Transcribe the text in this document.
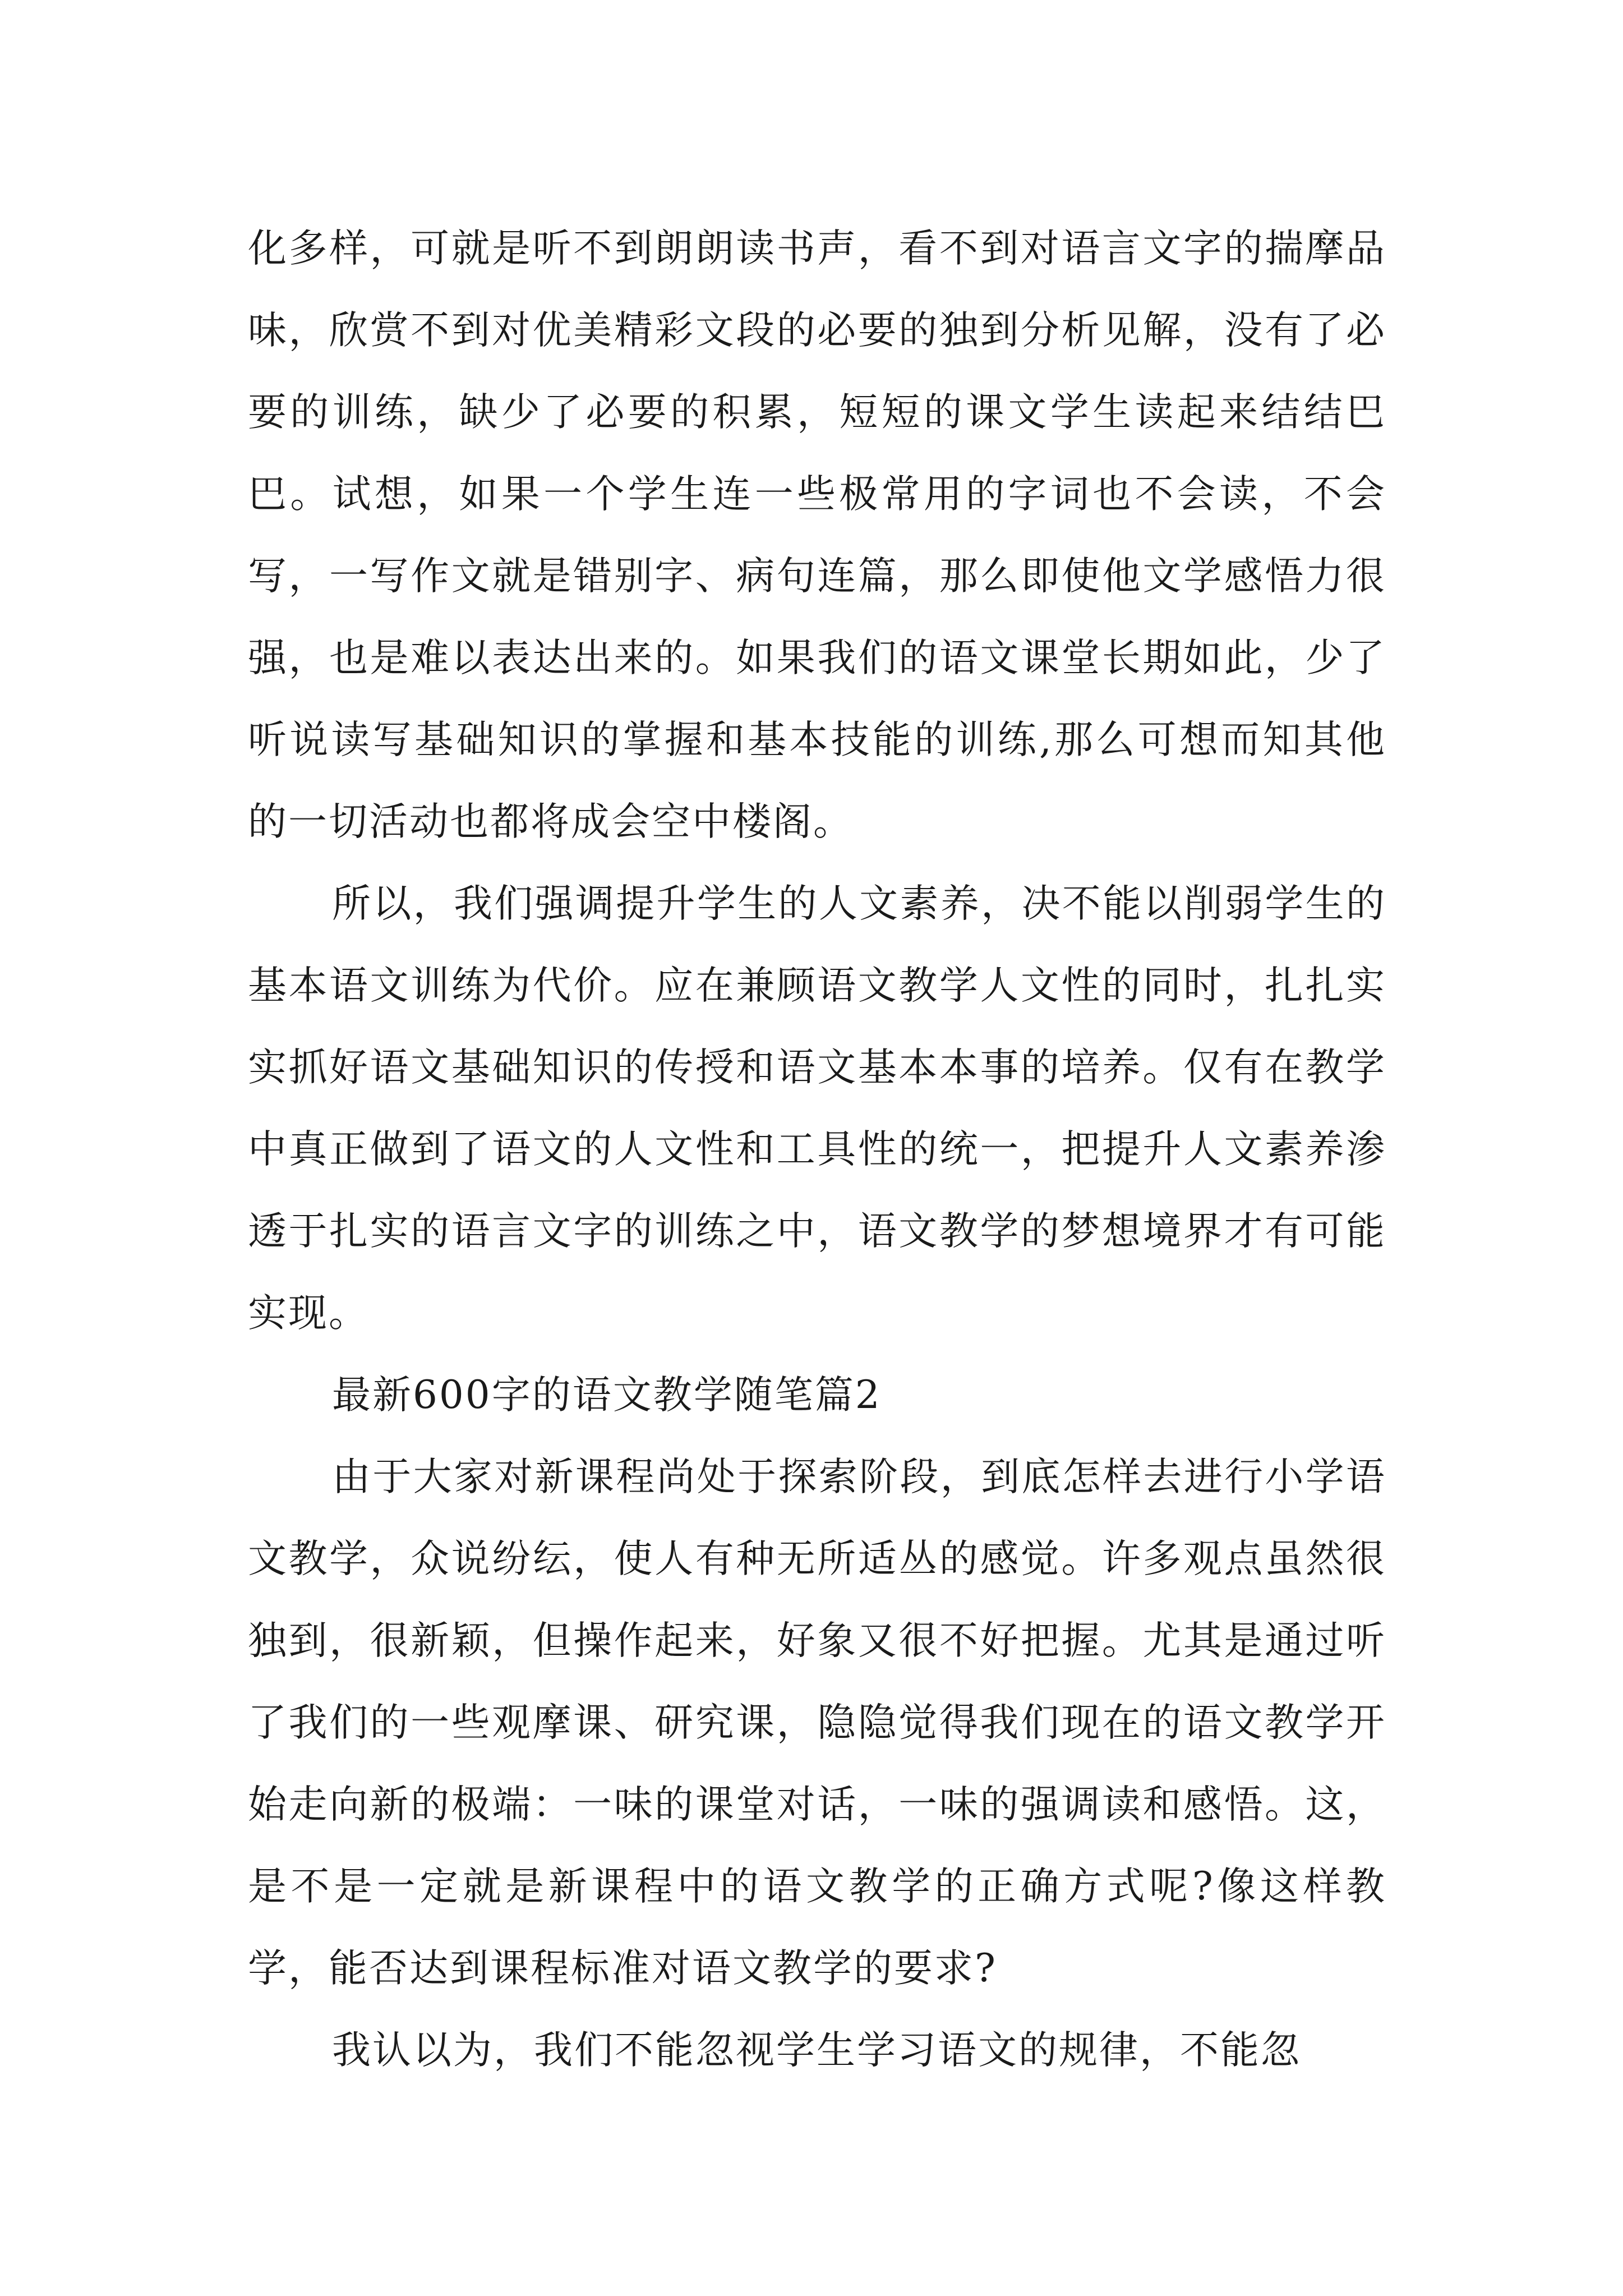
化多样，可就是听不到朗朗读书声，看不到对语言文字的揣摩品味，欣赏不到对优美精彩文段的必要的独到分析见解，没有了必要的训练，缺少了必要的积累，短短的课文学生读起来结结巴巴。试想，如果一个学生连一些极常用的字词也不会读，不会写，一写作文就是错别字、病句连篇，那么即使他文学感悟力很强，也是难以表达出来的。如果我们的语文课堂长期如此，少了听说读写基础知识的掌握和基本技能的训练,那么可想而知其他的一切活动也都将成会空中楼阁。

所以，我们强调提升学生的人文素养，决不能以削弱学生的基本语文训练为代价。应在兼顾语文教学人文性的同时，扎扎实实抓好语文基础知识的传授和语文基本本事的培养。仅有在教学中真正做到了语文的人文性和工具性的统一，把提升人文素养渗透于扎实的语言文字的训练之中，语文教学的梦想境界才有可能实现。

最新600字的语文教学随笔篇2

由于大家对新课程尚处于探索阶段，到底怎样去进行小学语文教学，众说纷纭，使人有种无所适丛的感觉。许多观点虽然很独到，很新颖，但操作起来，好象又很不好把握。尤其是通过听了我们的一些观摩课、研究课，隐隐觉得我们现在的语文教学开始走向新的极端：一味的课堂对话，一味的强调读和感悟。这，是不是一定就是新课程中的语文教学的正确方式呢?像这样教学，能否达到课程标准对语文教学的要求?

我认以为，我们不能忽视学生学习语文的规律，不能忽
